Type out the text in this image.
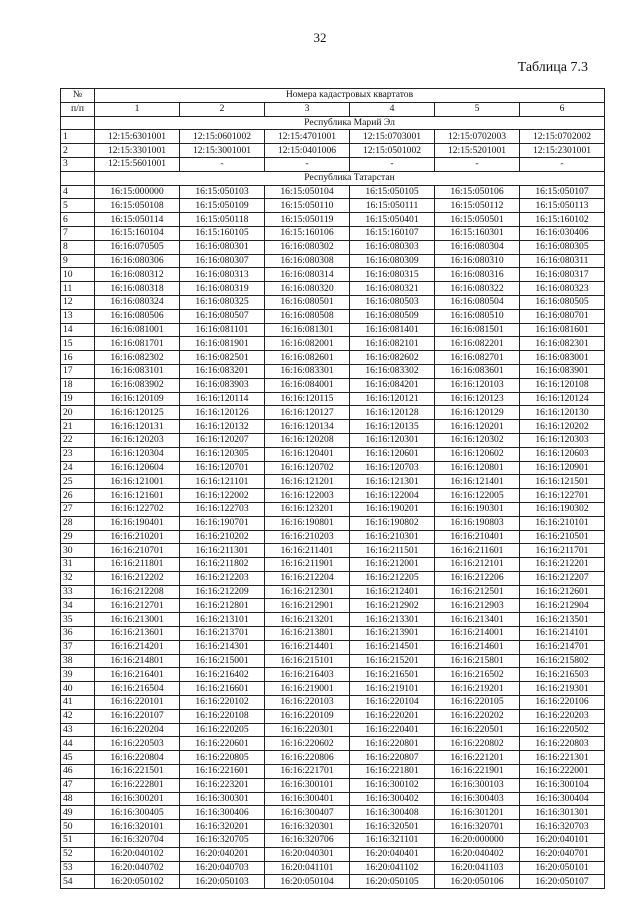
32
Таблица 7.3
№	Номера кадастровых квартатов					
п/п	1	2	3	4	5	6
	Республика Марий Эл					
1	12:15:6301001	12:15:0601002	12:15:4701001	12:15:0703001	12:15:0702003	12:15:0702002
2	12:15:3301001	12:15:3001001	12:15:0401006	12:15:0501002	12:15:5201001	12:15:2301001
3	12:15:5601001	-	-	-	-	-
	Республика Татарстан					
4	16:15:000000	16:15:050103	16:15:050104	16:15:050105	16:15:050106	16:15:050107
5	16:15:050108	16:15:050109	16:15:050110	16:15:050111	16:15:050112	16:15:050113
6	16:15:050114	16:15:050118	16:15:050119	16:15:050401	16:15:050501	16:15:160102
7	16:15:160104	16:15:160105	16:15:160106	16:15:160107	16:15:160301	16:16:030406
8	16:16:070505	16:16:080301	16:16:080302	16:16:080303	16:16:080304	16:16:080305
9	16:16:080306	16:16:080307	16:16:080308	16:16:080309	16:16:080310	16:16:080311
10	16:16:080312	16:16:080313	16:16:080314	16:16:080315	16:16:080316	16:16:080317
11	16:16:080318	16:16:080319	16:16:080320	16:16:080321	16:16:080322	16:16:080323
12	16:16:080324	16:16:080325	16:16:080501	16:16:080503	16:16:080504	16:16:080505
13	16:16:080506	16:16:080507	16:16:080508	16:16:080509	16:16:080510	16:16:080701
14	16:16:081001	16:16:081101	16:16:081301	16:16:081401	16:16:081501	16:16:081601
15	16:16:081701	16:16:081901	16:16:082001	16:16:082101	16:16:082201	16:16:082301
16	16:16:082302	16:16:082501	16:16:082601	16:16:082602	16:16:082701	16:16:083001
17	16:16:083101	16:16:083201	16:16:083301	16:16:083302	16:16:083601	16:16:083901
18	16:16:083902	16:16:083903	16:16:084001	16:16:084201	16:16:120103	16:16:120108
19	16:16:120109	16:16:120114	16:16:120115	16:16:120121	16:16:120123	16:16:120124
20	16:16:120125	16:16:120126	16:16:120127	16:16:120128	16:16:120129	16:16:120130
21	16:16:120131	16:16:120132	16:16:120134	16:16:120135	16:16:120201	16:16:120202
22	16:16:120203	16:16:120207	16:16:120208	16:16:120301	16:16:120302	16:16:120303
23	16:16:120304	16:16:120305	16:16:120401	16:16:120601	16:16:120602	16:16:120603
24	16:16:120604	16:16:120701	16:16:120702	16:16:120703	16:16:120801	16:16:120901
25	16:16:121001	16:16:121101	16:16:121201	16:16:121301	16:16:121401	16:16:121501
26	16:16:121601	16:16:122002	16:16:122003	16:16:122004	16:16:122005	16:16:122701
27	16:16:122702	16:16:122703	16:16:123201	16:16:190201	16:16:190301	16:16:190302
28	16:16:190401	16:16:190701	16:16:190801	16:16:190802	16:16:190803	16:16:210101
29	16:16:210201	16:16:210202	16:16:210203	16:16:210301	16:16:210401	16:16:210501
30	16:16:210701	16:16:211301	16:16:211401	16:16:211501	16:16:211601	16:16:211701
31	16:16:211801	16:16:211802	16:16:211901	16:16:212001	16:16:212101	16:16:212201
32	16:16:212202	16:16:212203	16:16:212204	16:16:212205	16:16:212206	16:16:212207
33	16:16:212208	16:16:212209	16:16:212301	16:16:212401	16:16:212501	16:16:212601
34	16:16:212701	16:16:212801	16:16:212901	16:16:212902	16:16:212903	16:16:212904
35	16:16:213001	16:16:213101	16:16:213201	16:16:213301	16:16:213401	16:16:213501
36	16:16:213601	16:16:213701	16:16:213801	16:16:213901	16:16:214001	16:16:214101
37	16:16:214201	16:16:214301	16:16:214401	16:16:214501	16:16:214601	16:16:214701
38	16:16:214801	16:16:215001	16:16:215101	16:16:215201	16:16:215801	16:16:215802
39	16:16:216401	16:16:216402	16:16:216403	16:16:216501	16:16:216502	16:16:216503
40	16:16:216504	16:16:216601	16:16:219001	16:16:219101	16:16:219201	16:16:219301
41	16:16:220101	16:16:220102	16:16:220103	16:16:220104	16:16:220105	16:16:220106
42	16:16:220107	16:16:220108	16:16:220109	16:16:220201	16:16:220202	16:16:220203
43	16:16:220204	16:16:220205	16:16:220301	16:16:220401	16:16:220501	16:16:220502
44	16:16:220503	16:16:220601	16:16:220602	16:16:220801	16:16:220802	16:16:220803
45	16:16:220804	16:16:220805	16:16:220806	16:16:220807	16:16:221201	16:16:221301
46	16:16:221501	16:16:221601	16:16:221701	16:16:221801	16:16:221901	16:16:222001
47	16:16:222801	16:16:223201	16:16:300101	16:16:300102	16:16:300103	16:16:300104
48	16:16:300201	16:16:300301	16:16:300401	16:16:300402	16:16:300403	16:16:300404
49	16:16:300405	16:16:300406	16:16:300407	16:16:300408	16:16:301201	16:16:301301
50	16:16:320101	16:16:320201	16:16:320301	16:16:320501	16:16:320701	16:16:320703
51	16:16:320704	16:16:320705	16:16:320706	16:16:321101	16:20:000000	16:20:040101
52	16:20:040102	16:20:040201	16:20:040301	16:20:040401	16:20:040402	16:20:040701
53	16:20:040702	16:20:040703	16:20:041101	16:20:041102	16:20:041103	16:20:050101
54	16:20:050102	16:20:050103	16:20:050104	16:20:050105	16:20:050106	16:20:050107
